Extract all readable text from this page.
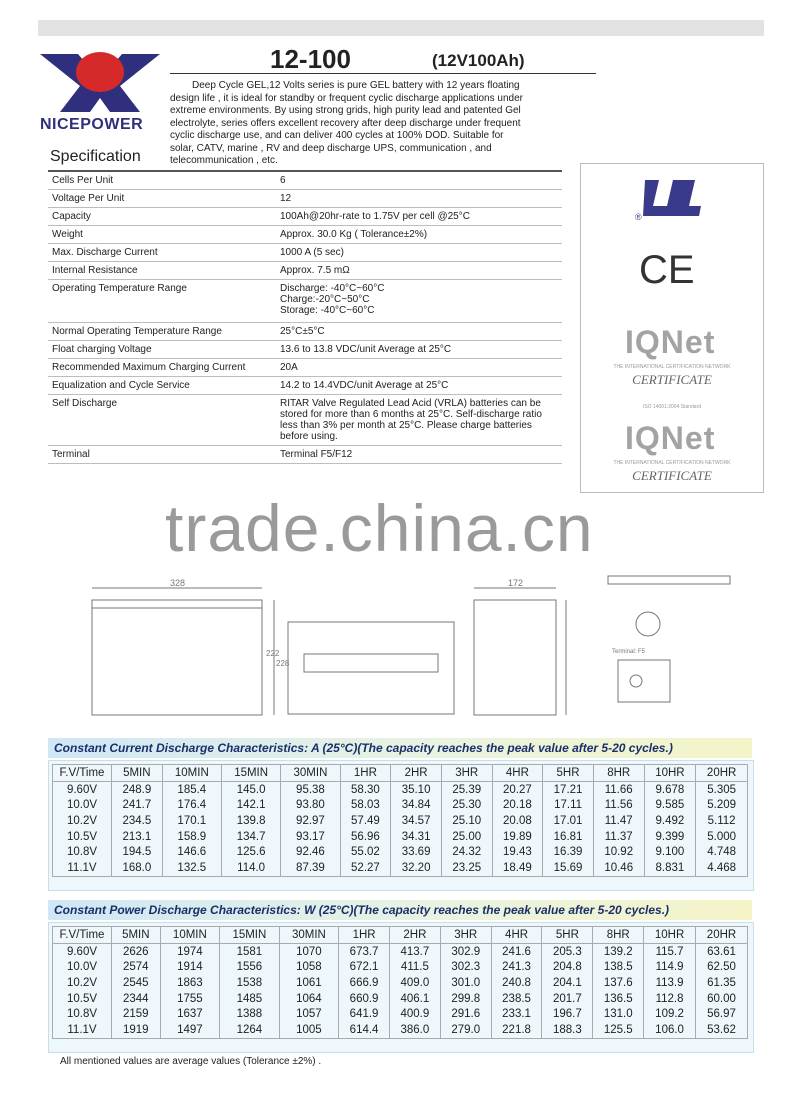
NICEPOWER
12-100	(12V100Ah)
Deep Cycle GEL,12 Volts series is pure GEL battery with 12 years floating design life , it is ideal for standby or frequent cyclic discharge applications under extreme environments. By using strong grids, high purity lead and patented Gel electrolyte, series offers excellent recovery after deep discharge under frequent cyclic discharge use, and can deliver 400 cycles at 100% DOD. Suitable for solar, CATV, marine , RV and deep discharge UPS, communication , and telecommunication , etc.
Specification
Cells Per Unit	6
Voltage Per Unit	12
Capacity	100Ah@20hr-rate to 1.75V per cell @25°C
Weight	Approx. 30.0 Kg ( Tolerance±2%)
Max. Discharge Current	1000 A (5 sec)
Internal Resistance	Approx. 7.5 mΩ
Operating Temperature Range	Discharge: -40°C~60°C
Charge:-20°C~50°C
Storage: -40°C~60°C
Normal Operating Temperature Range	25°C±5°C
Float charging Voltage	13.6 to 13.8 VDC/unit Average at 25°C
Recommended Maximum Charging Current	20A
Equalization and Cycle Service	14.2 to 14.4VDC/unit Average at 25°C
Self Discharge	RITAR Valve Regulated Lead Acid (VRLA) batteries can be stored for more than 6 months at 25°C. Self-discharge ratio less than 3% per month at 25°C. Please charge batteries before using.
Terminal	Terminal F5/F12
®
CE
IQNet
THE INTERNATIONAL CERTIFICATION NETWORK
CERTIFICATE
ISO 14001:2004 Standard
IQNet
THE INTERNATIONAL CERTIFICATION NETWORK
CERTIFICATE
trade.china.cn
328	172
222
228
Terminal: F5
Constant Current Discharge Characteristics: A (25°C)(The capacity reaches the peak value after 5-20 cycles.)
F.V/Time	5MIN	10MIN	15MIN	30MIN	1HR	2HR	3HR	4HR	5HR	8HR	10HR	20HR
9.60V	248.9	185.4	145.0	95.38	58.30	35.10	25.39	20.27	17.21	11.66	9.678	5.305
10.0V	241.7	176.4	142.1	93.80	58.03	34.84	25.30	20.18	17.11	11.56	9.585	5.209
10.2V	234.5	170.1	139.8	92.97	57.49	34.57	25.10	20.08	17.01	11.47	9.492	5.112
10.5V	213.1	158.9	134.7	93.17	56.96	34.31	25.00	19.89	16.81	11.37	9.399	5.000
10.8V	194.5	146.6	125.6	92.46	55.02	33.69	24.32	19.43	16.39	10.92	9.100	4.748
11.1V	168.0	132.5	114.0	87.39	52.27	32.20	23.25	18.49	15.69	10.46	8.831	4.468
Constant Power Discharge Characteristics: W (25°C)(The capacity reaches the peak value after 5-20 cycles.)
F.V/Time	5MIN	10MIN	15MIN	30MIN	1HR	2HR	3HR	4HR	5HR	8HR	10HR	20HR
9.60V	2626	1974	1581	1070	673.7	413.7	302.9	241.6	205.3	139.2	115.7	63.61
10.0V	2574	1914	1556	1058	672.1	411.5	302.3	241.3	204.8	138.5	114.9	62.50
10.2V	2545	1863	1538	1061	666.9	409.0	301.0	240.8	204.1	137.6	113.9	61.35
10.5V	2344	1755	1485	1064	660.9	406.1	299.8	238.5	201.7	136.5	112.8	60.00
10.8V	2159	1637	1388	1057	641.9	400.9	291.6	233.1	196.7	131.0	109.2	56.97
11.1V	1919	1497	1264	1005	614.4	386.0	279.0	221.8	188.3	125.5	106.0	53.62
All mentioned values are average values (Tolerance ±2%) .
